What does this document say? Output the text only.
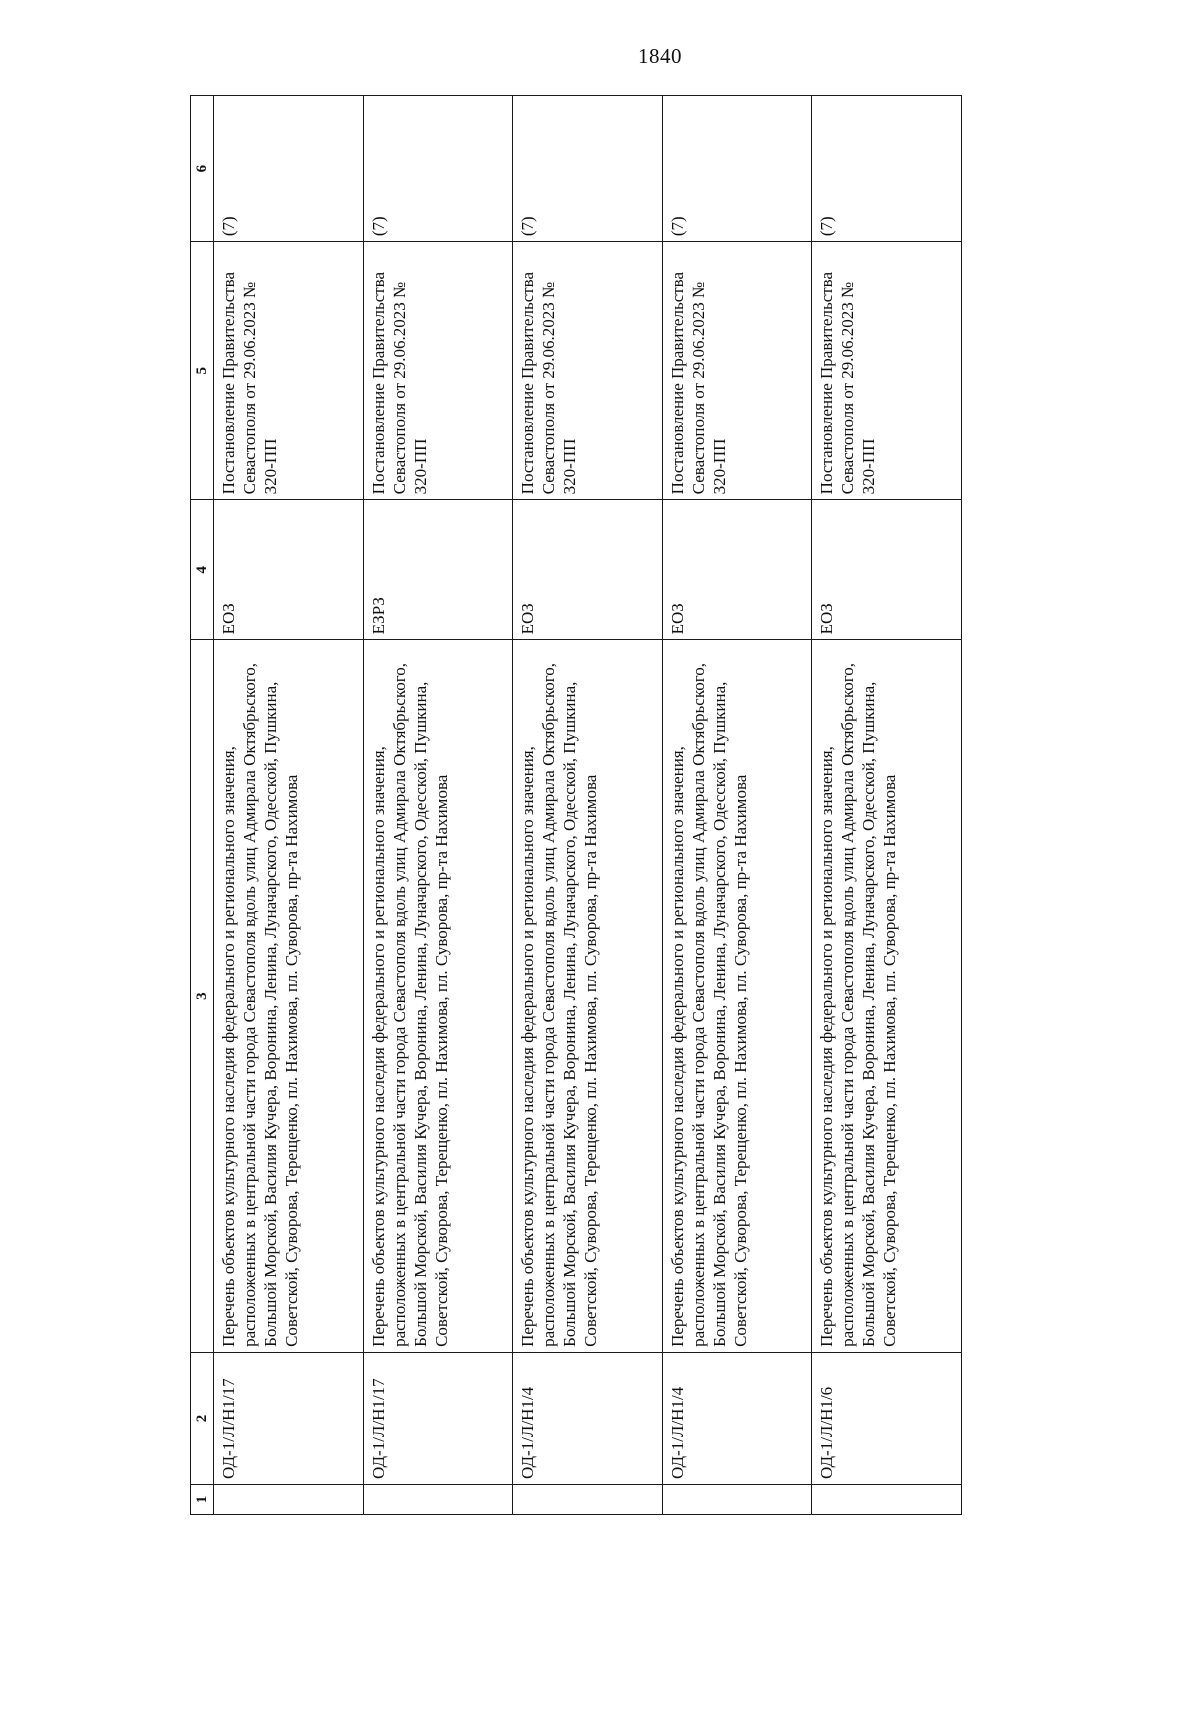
1840
1	2	3	4	5	6
	ОД-1/Л/Н1/17	Перечень объектов культурного наследия федерального и регионального значения, расположенных в центральной части города Севастополя вдоль улиц Адмирала Октябрьского, Большой Морской, Василия Кучера, Воронина, Ленина, Луначарского, Одесской, Пушкина, Советской, Суворова, Терещенко, пл. Нахимова, пл. Суворова, пр-та Нахимова	ЕОЗ	Постановление Правительства Севастополя от 29.06.2023 № 320-ПП	(7)
	ОД-1/Л/Н1/17	Перечень объектов культурного наследия федерального и регионального значения, расположенных в центральной части города Севастополя вдоль улиц Адмирала Октябрьского, Большой Морской, Василия Кучера, Воронина, Ленина, Луначарского, Одесской, Пушкина, Советской, Суворова, Терещенко, пл. Нахимова, пл. Суворова, пр-та Нахимова	ЕЗРЗ	Постановление Правительства Севастополя от 29.06.2023 № 320-ПП	(7)
	ОД-1/Л/Н1/4	Перечень объектов культурного наследия федерального и регионального значения, расположенных в центральной части города Севастополя вдоль улиц Адмирала Октябрьского, Большой Морской, Василия Кучера, Воронина, Ленина, Луначарского, Одесской, Пушкина, Советской, Суворова, Терещенко, пл. Нахимова, пл. Суворова, пр-та Нахимова	ЕОЗ	Постановление Правительства Севастополя от 29.06.2023 № 320-ПП	(7)
	ОД-1/Л/Н1/4	Перечень объектов культурного наследия федерального и регионального значения, расположенных в центральной части города Севастополя вдоль улиц Адмирала Октябрьского, Большой Морской, Василия Кучера, Воронина, Ленина, Луначарского, Одесской, Пушкина, Советской, Суворова, Терещенко, пл. Нахимова, пл. Суворова, пр-та Нахимова	ЕОЗ	Постановление Правительства Севастополя от 29.06.2023 № 320-ПП	(7)
	ОД-1/Л/Н1/6	Перечень объектов культурного наследия федерального и регионального значения, расположенных в центральной части города Севастополя вдоль улиц Адмирала Октябрьского, Большой Морской, Василия Кучера, Воронина, Ленина, Луначарского, Одесской, Пушкина, Советской, Суворова, Терещенко, пл. Нахимова, пл. Суворова, пр-та Нахимова	ЕОЗ	Постановление Правительства Севастополя от 29.06.2023 № 320-ПП	(7)
